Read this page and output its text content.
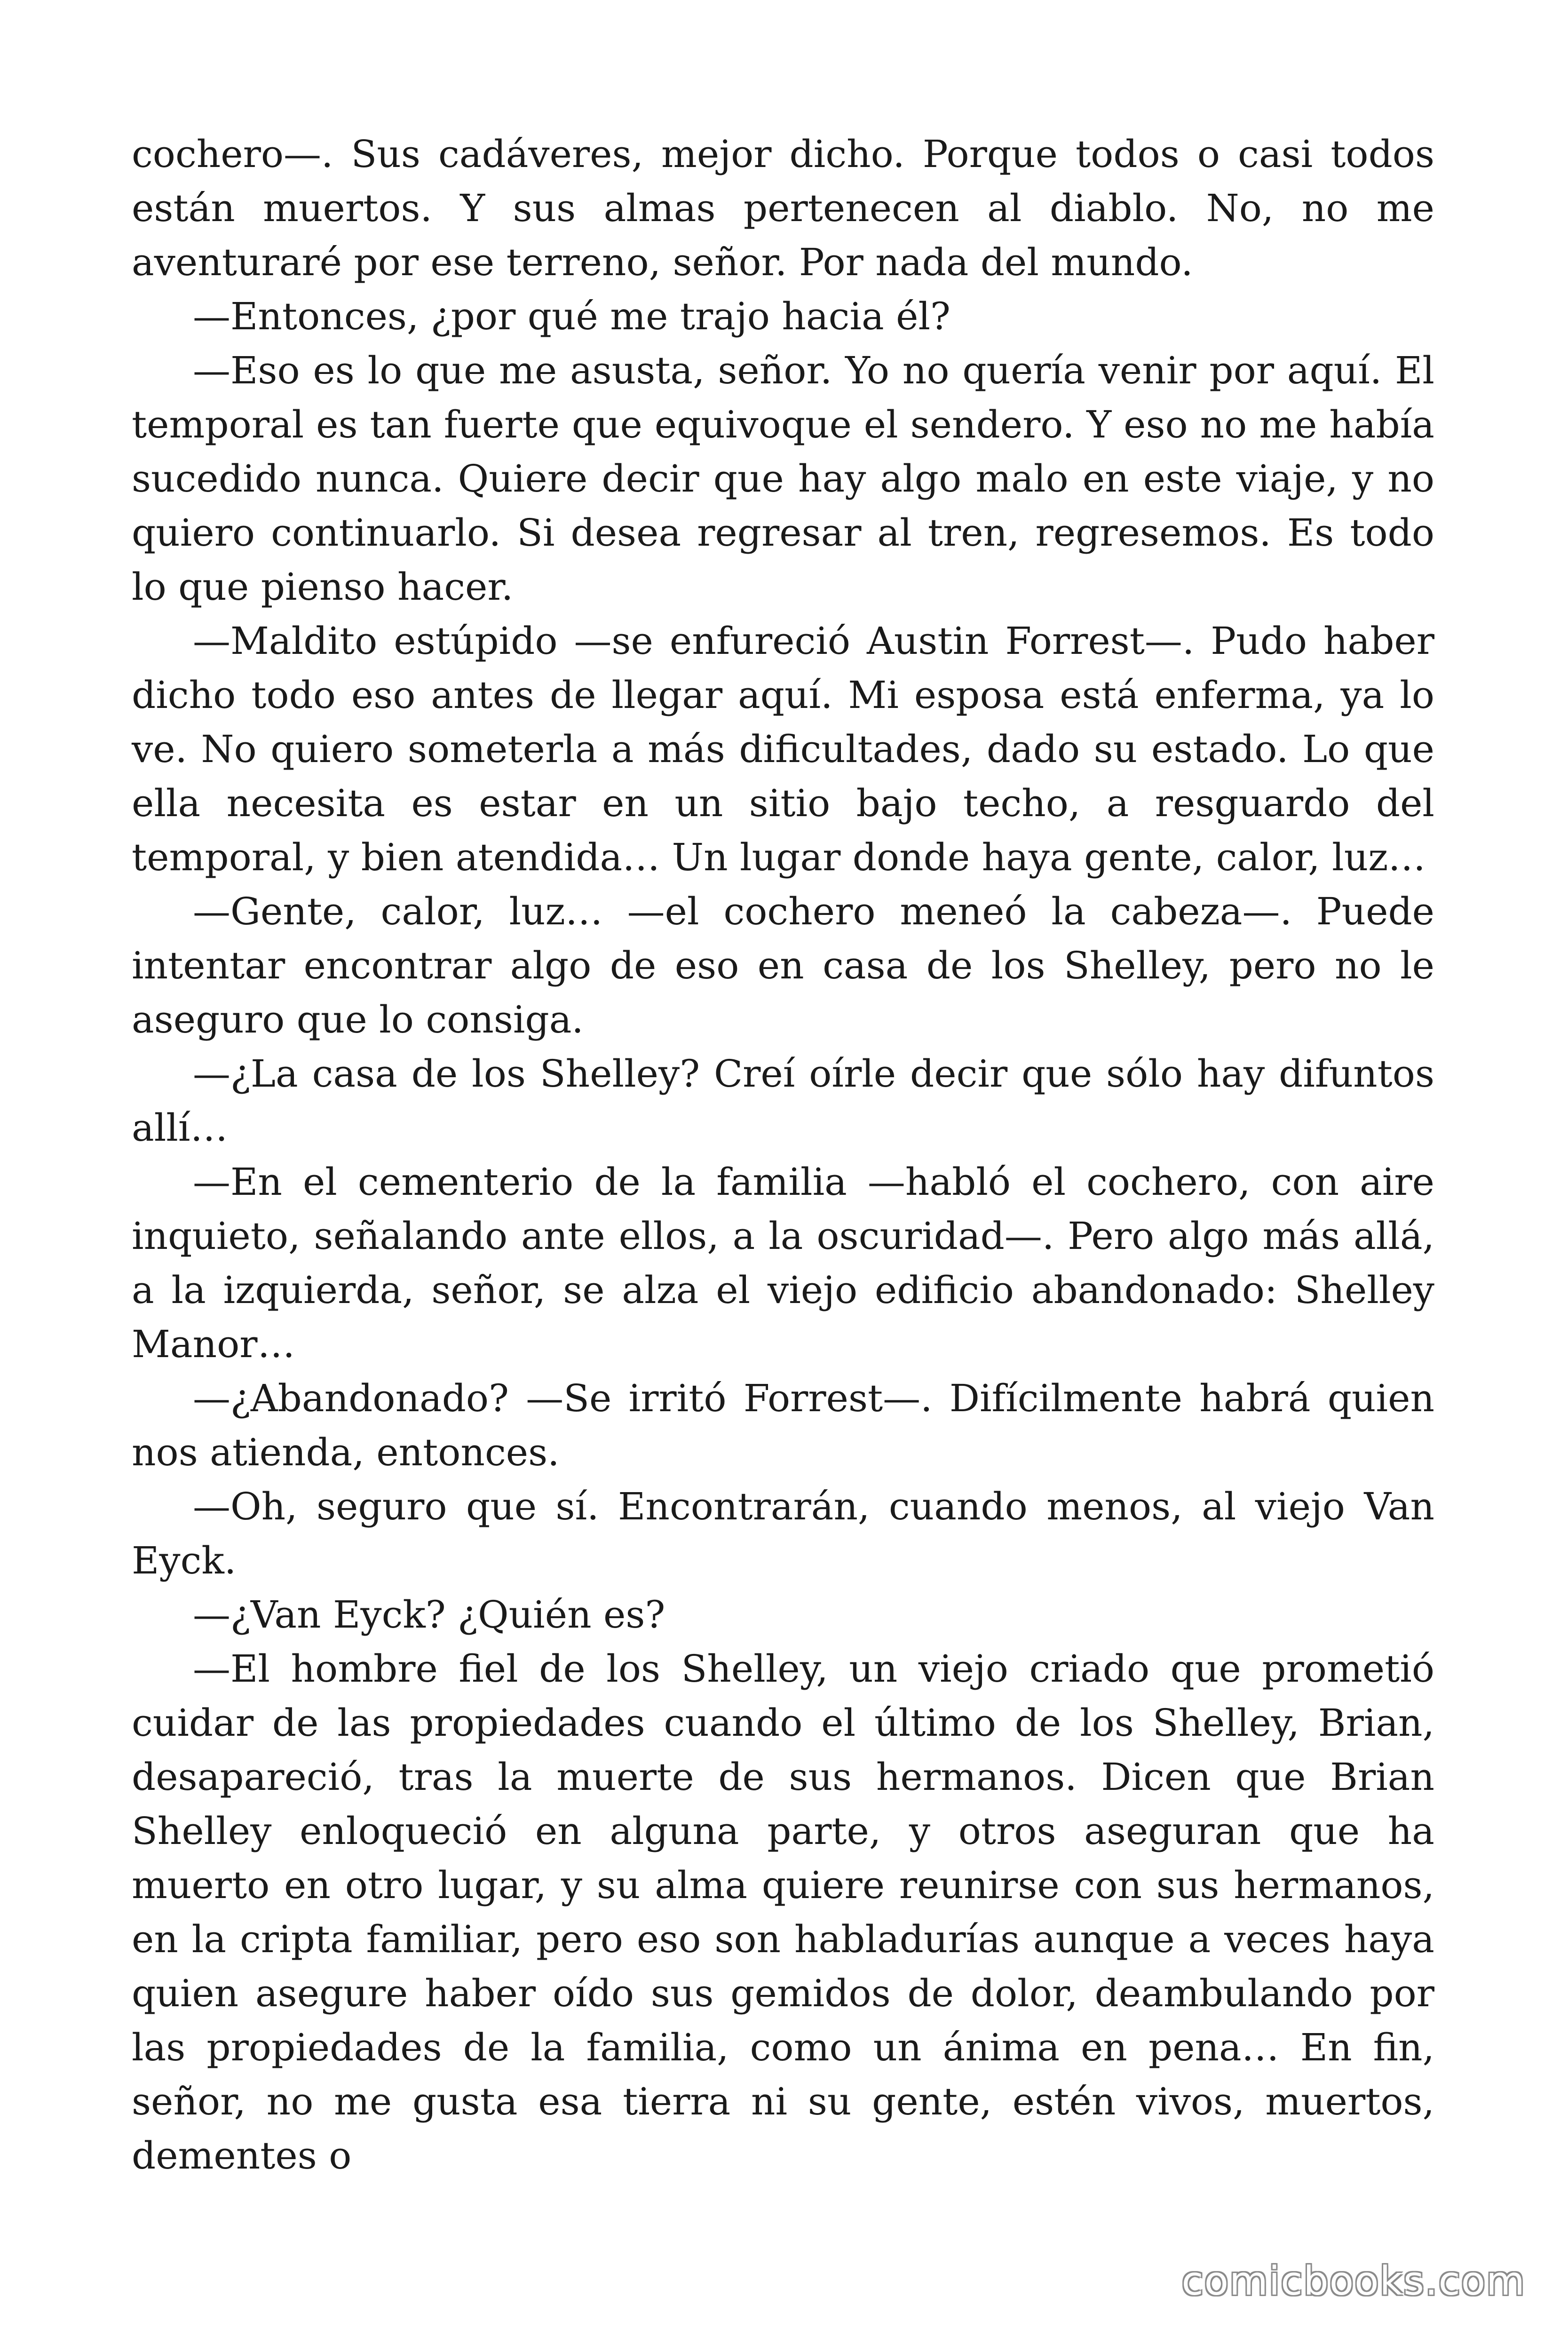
cochero—. Sus cadáveres, mejor dicho. Porque todos o casi todos están muertos. Y sus almas pertenecen al diablo. No, no me aventuraré por ese terreno, señor. Por nada del mundo.

—Entonces, ¿por qué me trajo hacia él?

—Eso es lo que me asusta, señor. Yo no quería venir por aquí. El temporal es tan fuerte que equivoque el sendero. Y eso no me había sucedido nunca. Quiere decir que hay algo malo en este viaje, y no quiero continuarlo. Si desea regresar al tren, regresemos. Es todo lo que pienso hacer.

—Maldito estúpido —se enfureció Austin Forrest—. Pudo haber dicho todo eso antes de llegar aquí. Mi esposa está enferma, ya lo ve. No quiero someterla a más dificultades, dado su estado. Lo que ella necesita es estar en un sitio bajo techo, a resguardo del temporal, y bien atendida… Un lugar donde haya gente, calor, luz…

—Gente, calor, luz… —el cochero meneó la cabeza—. Puede intentar encontrar algo de eso en casa de los Shelley, pero no le aseguro que lo consiga.

—¿La casa de los Shelley? Creí oírle decir que sólo hay difuntos allí…

—En el cementerio de la familia —habló el cochero, con aire inquieto, señalando ante ellos, a la oscuridad—. Pero algo más allá, a la izquierda, señor, se alza el viejo edificio abandonado: Shelley Manor…

—¿Abandonado? —Se irritó Forrest—. Difícilmente habrá quien nos atienda, entonces.

—Oh, seguro que sí. Encontrarán, cuando menos, al viejo Van Eyck.

—¿Van Eyck? ¿Quién es?

—El hombre fiel de los Shelley, un viejo criado que prometió cuidar de las propiedades cuando el último de los Shelley, Brian, desapareció, tras la muerte de sus hermanos. Dicen que Brian Shelley enloqueció en alguna parte, y otros aseguran que ha muerto en otro lugar, y su alma quiere reunirse con sus hermanos, en la cripta familiar, pero eso son habladurías aunque a veces haya quien asegure haber oído sus gemidos de dolor, deambulando por las propiedades de la familia, como un ánima en pena… En fin, señor, no me gusta esa tierra ni su gente, estén vivos, muertos, dementes o

comicbooks.com
